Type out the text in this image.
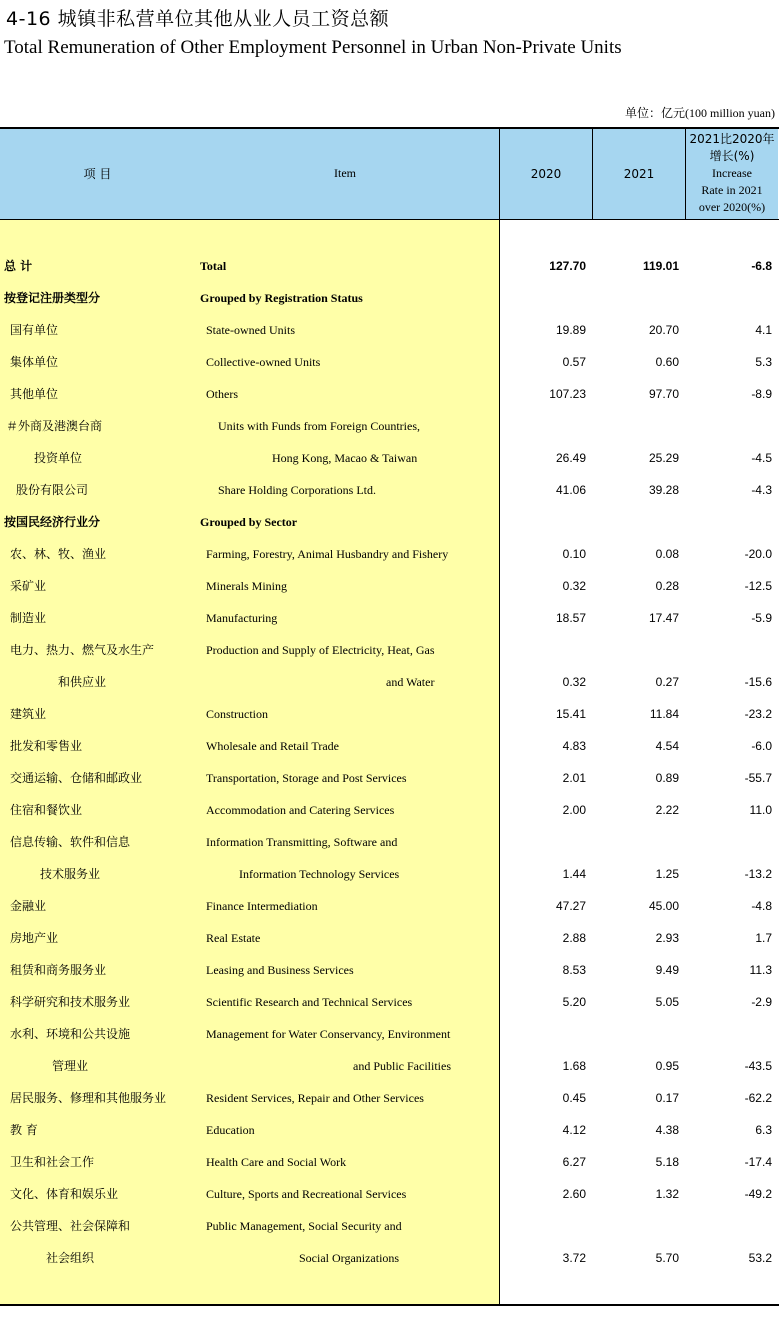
4-16 城镇非私营单位其他从业人员工资总额
Total Remuneration of Other Employment Personnel in Urban Non-Private Units
单位：亿元(100 million yuan)
项 目	Item	2020	2021
2021比2020年
增长(%)
Increase
Rate in 2021
over 2020(%)
总 计	Total	127.70	119.01	-6.8
按登记注册类型分	Grouped by Registration Status
国有单位	State-owned Units	19.89	20.70	4.1
集体单位	Collective-owned Units	0.57	0.60	5.3
其他单位	Others	107.23	97.70	-8.9
＃外商及港澳台商	Units with Funds from Foreign Countries,
投资单位	Hong Kong, Macao & Taiwan	26.49	25.29	-4.5
股份有限公司	Share Holding Corporations Ltd.	41.06	39.28	-4.3
按国民经济行业分	Grouped by Sector
农、林、牧、渔业	Farming, Forestry, Animal Husbandry and Fishery	0.10	0.08	-20.0
采矿业	Minerals Mining	0.32	0.28	-12.5
制造业	Manufacturing	18.57	17.47	-5.9
电力、热力、燃气及水生产	Production and Supply of Electricity, Heat, Gas
和供应业	and Water	0.32	0.27	-15.6
建筑业	Construction	15.41	11.84	-23.2
批发和零售业	Wholesale and Retail Trade	4.83	4.54	-6.0
交通运输、仓储和邮政业	Transportation, Storage and Post Services	2.01	0.89	-55.7
住宿和餐饮业	Accommodation and Catering Services	2.00	2.22	11.0
信息传输、软件和信息	Information Transmitting, Software and
技术服务业	Information Technology Services	1.44	1.25	-13.2
金融业	Finance Intermediation	47.27	45.00	-4.8
房地产业	Real Estate	2.88	2.93	1.7
租赁和商务服务业	Leasing and Business Services	8.53	9.49	11.3
科学研究和技术服务业	Scientific Research and Technical Services	5.20	5.05	-2.9
水利、环境和公共设施	Management for Water Conservancy, Environment
管理业	and Public Facilities	1.68	0.95	-43.5
居民服务、修理和其他服务业	Resident Services, Repair and Other Services	0.45	0.17	-62.2
教 育	Education	4.12	4.38	6.3
卫生和社会工作	Health Care and Social Work	6.27	5.18	-17.4
文化、体育和娱乐业	Culture, Sports and Recreational Services	2.60	1.32	-49.2
公共管理、社会保障和	Public Management, Social Security and
社会组织	Social Organizations	3.72	5.70	53.2
